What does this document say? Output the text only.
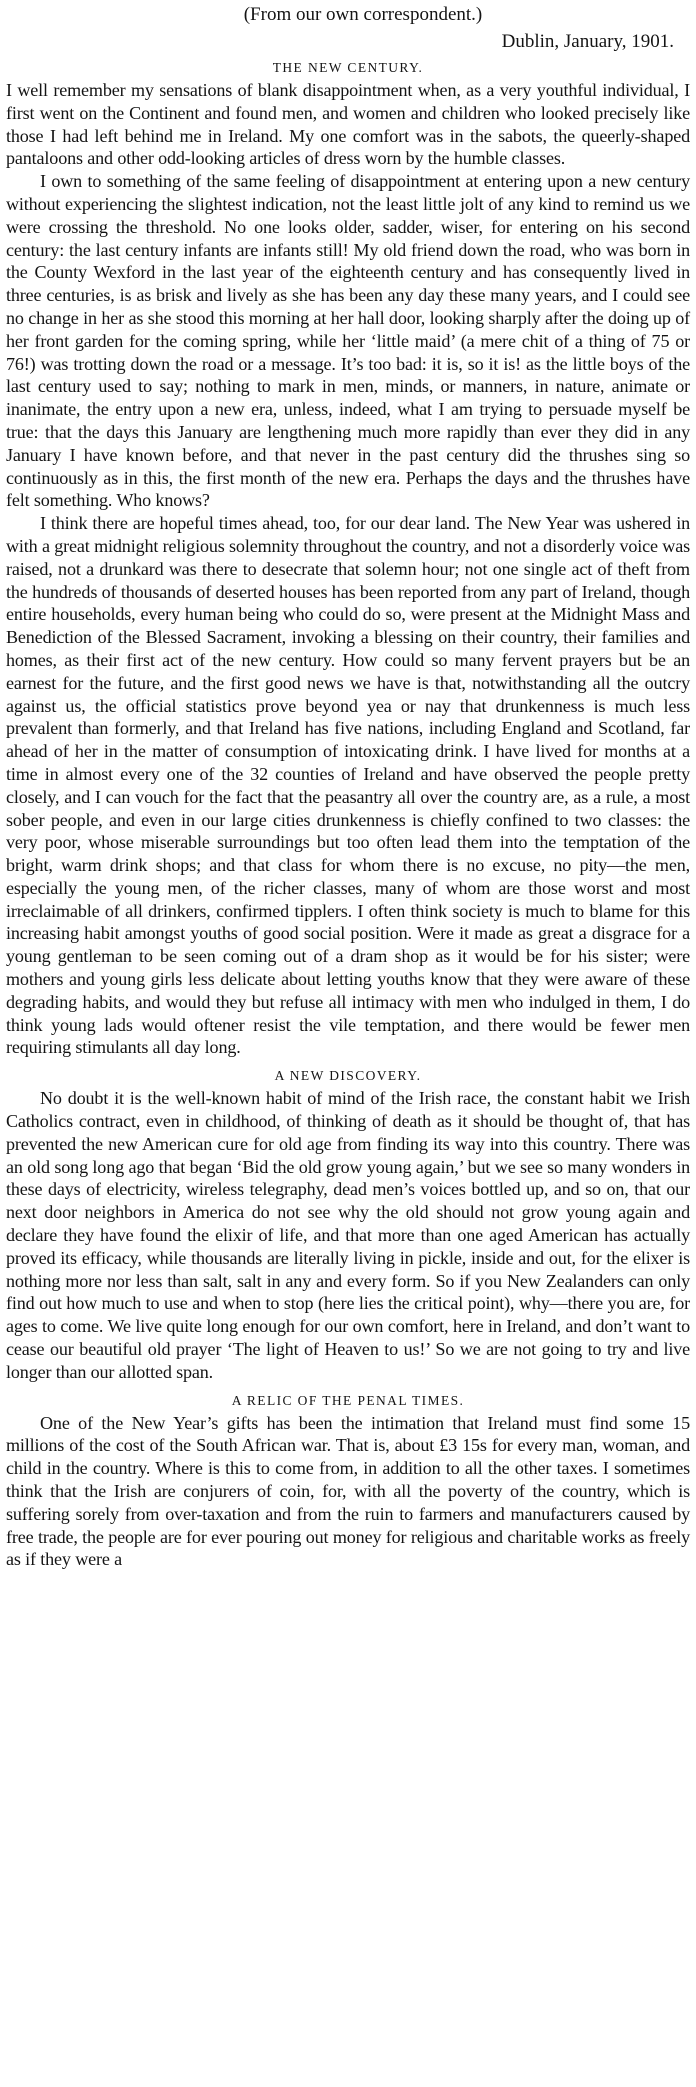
(From our own correspondent.)
Dublin, January, 1901.
THE NEW CENTURY.

I well remember my sensations of blank disappointment when, as a very youthful individual, I first went on the Continent and found men, and women and children who looked precisely like those I had left behind me in Ireland. My one comfort was in the sabots, the queerly-shaped pantaloons and other odd-looking articles of dress worn by the humble classes.

I own to something of the same feeling of disappointment at entering upon a new century without experiencing the slightest indication, not the least little jolt of any kind to remind us we were crossing the threshold. No one looks older, sadder, wiser, for entering on his second century: the last century infants are infants still! My old friend down the road, who was born in the County Wexford in the last year of the eighteenth century and has consequently lived in three centuries, is as brisk and lively as she has been any day these many years, and I could see no change in her as she stood this morning at her hall door, looking sharply after the doing up of her front garden for the coming spring, while her ‘little maid’ (a mere chit of a thing of 75 or 76!) was trotting down the road or a message. It’s too bad: it is, so it is! as the little boys of the last century used to say; nothing to mark in men, minds, or manners, in nature, animate or inanimate, the entry upon a new era, unless, indeed, what I am trying to persuade myself be true: that the days this January are lengthening much more rapidly than ever they did in any January I have known before, and that never in the past century did the thrushes sing so continuously as in this, the first month of the new era. Perhaps the days and the thrushes have felt something. Who knows?

I think there are hopeful times ahead, too, for our dear land. The New Year was ushered in with a great midnight religious solemnity throughout the country, and not a disorderly voice was raised, not a drunkard was there to desecrate that solemn hour; not one single act of theft from the hundreds of thousands of deserted houses has been reported from any part of Ireland, though entire households, every human being who could do so, were present at the Midnight Mass and Benediction of the Blessed Sacrament, invoking a blessing on their country, their families and homes, as their first act of the new century. How could so many fervent prayers but be an earnest for the future, and the first good news we have is that, notwithstanding all the outcry against us, the official statistics prove beyond yea or nay that drunkenness is much less prevalent than formerly, and that Ireland has five nations, including England and Scotland, far ahead of her in the matter of consumption of intoxicating drink. I have lived for months at a time in almost every one of the 32 counties of Ireland and have observed the people pretty closely, and I can vouch for the fact that the peasantry all over the country are, as a rule, a most sober people, and even in our large cities drunkenness is chiefly confined to two classes: the very poor, whose miserable surroundings but too often lead them into the temptation of the bright, warm drink shops; and that class for whom there is no excuse, no pity—the men, especially the young men, of the richer classes, many of whom are those worst and most irreclaimable of all drinkers, confirmed tipplers. I often think society is much to blame for this increasing habit amongst youths of good social position. Were it made as great a disgrace for a young gentleman to be seen coming out of a dram shop as it would be for his sister; were mothers and young girls less delicate about letting youths know that they were aware of these degrading habits, and would they but refuse all intimacy with men who indulged in them, I do think young lads would oftener resist the vile temptation, and there would be fewer men requiring stimulants all day long.

A NEW DISCOVERY.

No doubt it is the well-known habit of mind of the Irish race, the constant habit we Irish Catholics contract, even in childhood, of thinking of death as it should be thought of, that has prevented the new American cure for old age from finding its way into this country. There was an old song long ago that began ‘Bid the old grow young again,’ but we see so many wonders in these days of electricity, wireless telegraphy, dead men’s voices bottled up, and so on, that our next door neighbors in America do not see why the old should not grow young again and declare they have found the elixir of life, and that more than one aged American has actually proved its efficacy, while thousands are literally living in pickle, inside and out, for the elixer is nothing more nor less than salt, salt in any and every form. So if you New Zealanders can only find out how much to use and when to stop (here lies the critical point), why—there you are, for ages to come. We live quite long enough for our own comfort, here in Ireland, and don’t want to cease our beautiful old prayer ‘The light of Heaven to us!’ So we are not going to try and live longer than our allotted span.

A RELIC OF THE PENAL TIMES.

One of the New Year’s gifts has been the intimation that Ireland must find some 15 millions of the cost of the South African war. That is, about £3 15s for every man, woman, and child in the country. Where is this to come from, in addition to all the other taxes. I sometimes think that the Irish are conjurers of coin, for, with all the poverty of the country, which is suffering sorely from over-taxation and from the ruin to farmers and manufacturers caused by free trade, the people are for ever pouring out money for religious and charitable works as freely as if they were a
